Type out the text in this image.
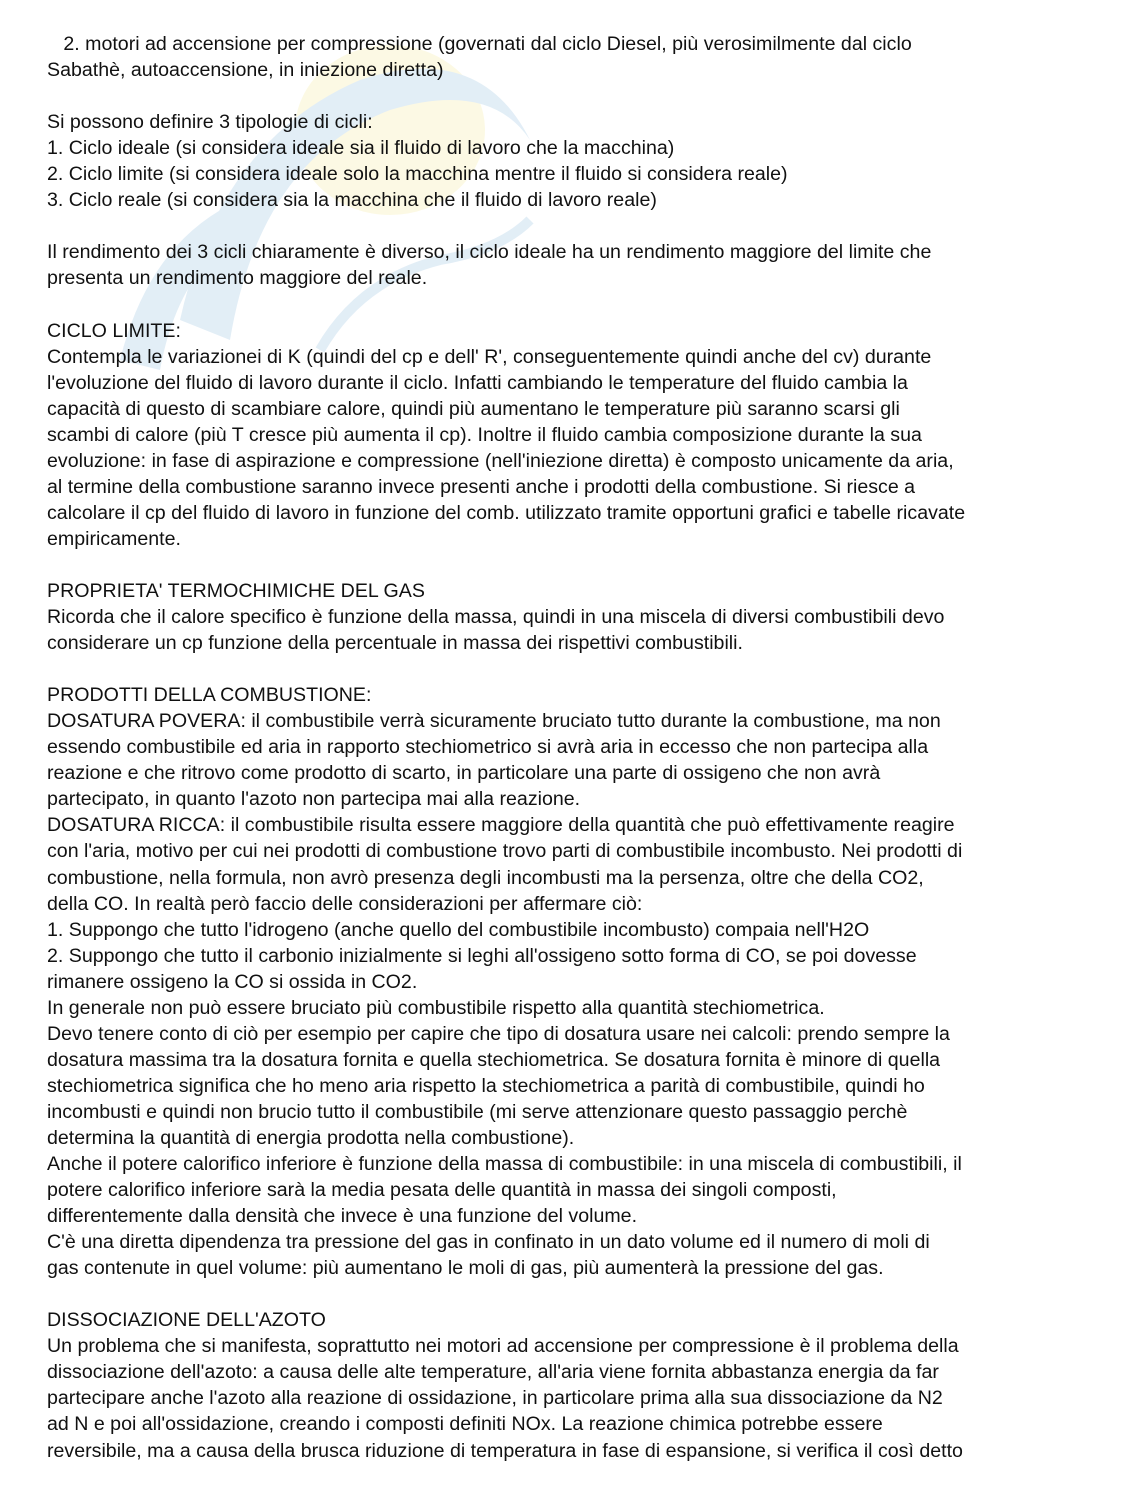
2. motori ad accensione per compressione (governati dal ciclo Diesel, più verosimilmente dal ciclo
Sabathè, autoaccensione, in iniezione diretta)
Si possono definire 3 tipologie di cicli:
1. Ciclo ideale (si considera ideale sia il fluido di lavoro che la macchina)
2. Ciclo limite (si considera ideale solo la macchina mentre il fluido si considera reale)
3. Ciclo reale (si considera sia la macchina che il fluido di lavoro reale)
Il rendimento dei 3 cicli chiaramente è diverso, il ciclo ideale ha un rendimento maggiore del limite che
presenta un rendimento maggiore del reale.
CICLO LIMITE:
Contempla le variazionei di K (quindi del cp e dell' R', conseguentemente quindi anche del cv) durante
l'evoluzione del fluido di lavoro durante il ciclo. Infatti cambiando le temperature del fluido cambia la
capacità di questo di scambiare calore, quindi più aumentano le temperature più saranno scarsi gli
scambi di calore (più T cresce più aumenta il cp). Inoltre il fluido cambia composizione durante la sua
evoluzione: in fase di aspirazione e compressione (nell'iniezione diretta) è composto unicamente da aria,
al termine della combustione saranno invece presenti anche i prodotti della combustione. Si riesce a
calcolare il cp del fluido di lavoro in funzione del comb. utilizzato tramite opportuni grafici e tabelle ricavate
empiricamente.
PROPRIETA' TERMOCHIMICHE DEL GAS
Ricorda che il calore specifico è funzione della massa, quindi in una miscela di diversi combustibili devo
considerare un cp funzione della percentuale in massa dei rispettivi combustibili.
PRODOTTI DELLA COMBUSTIONE:
DOSATURA POVERA: il combustibile verrà sicuramente bruciato tutto durante la combustione, ma non
essendo combustibile ed aria in rapporto stechiometrico si avrà aria in eccesso che non partecipa alla
reazione e che ritrovo come prodotto di scarto, in particolare una parte di ossigeno che non avrà
partecipato, in quanto l'azoto non partecipa mai alla reazione.
DOSATURA RICCA: il combustibile risulta essere maggiore della quantità che può effettivamente reagire
con l'aria, motivo per cui nei prodotti di combustione trovo parti di combustibile incombusto. Nei prodotti di
combustione, nella formula, non avrò presenza degli incombusti ma la persenza, oltre che della CO2,
della CO. In realtà però faccio delle considerazioni per affermare ciò:
1. Suppongo che tutto l'idrogeno (anche quello del combustibile incombusto) compaia nell'H2O
2. Suppongo che tutto il carbonio inizialmente si leghi all'ossigeno sotto forma di CO, se poi dovesse
rimanere ossigeno la CO si ossida in CO2.
In generale non può essere bruciato più combustibile rispetto alla quantità stechiometrica.
Devo tenere conto di ciò per esempio per capire che tipo di dosatura usare nei calcoli: prendo sempre la
dosatura massima tra la dosatura fornita e quella stechiometrica. Se dosatura fornita è minore di quella
stechiometrica significa che ho meno aria rispetto la stechiometrica a parità di combustibile, quindi ho
incombusti e quindi non brucio tutto il combustibile (mi serve attenzionare questo passaggio perchè
determina la quantità di energia prodotta nella combustione).
Anche il potere calorifico inferiore è funzione della massa di combustibile: in una miscela di combustibili, il
potere calorifico inferiore sarà la media pesata delle quantità in massa dei singoli composti,
differentemente dalla densità che invece è una funzione del volume.
C'è una diretta dipendenza tra pressione del gas in confinato in un dato volume ed il numero di moli di
gas contenute in quel volume: più aumentano le moli di gas, più aumenterà la pressione del gas.
DISSOCIAZIONE DELL'AZOTO
Un problema che si manifesta, soprattutto nei motori ad accensione per compressione è il problema della
dissociazione dell'azoto: a causa delle alte temperature, all'aria viene fornita abbastanza energia da far
partecipare anche l'azoto alla reazione di ossidazione, in particolare prima alla sua dissociazione da N2
ad N e poi all'ossidazione, creando i composti definiti NOx. La reazione chimica potrebbe essere
reversibile, ma a causa della brusca riduzione di temperatura in fase di espansione, si verifica il così detto
